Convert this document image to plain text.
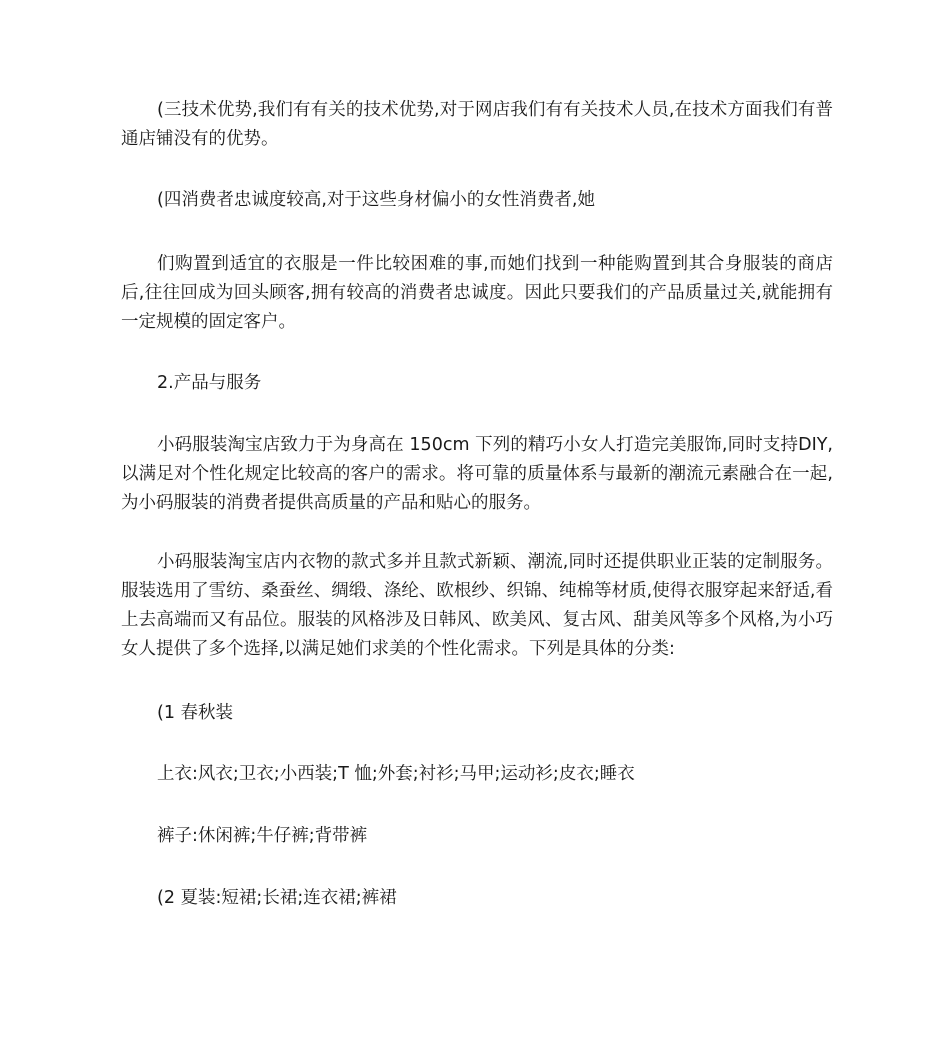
(三技术优势,我们有有关的技术优势,对于网店我们有有关技术人员,在技术方面我们有普通店铺没有的优势。

(四消费者忠诚度较高,对于这些身材偏小的女性消费者,她

们购置到适宜的衣服是一件比较困难的事,而她们找到一种能购置到其合身服装的商店后,往往回成为回头顾客,拥有较高的消费者忠诚度。因此只要我们的产品质量过关,就能拥有一定规模的固定客户。

2.产品与服务

小码服装淘宝店致力于为身高在 150cm 下列的精巧小女人打造完美服饰,同时支持DIY,以满足对个性化规定比较高的客户的需求。将可靠的质量体系与最新的潮流元素融合在一起,为小码服装的消费者提供高质量的产品和贴心的服务。

小码服装淘宝店内衣物的款式多并且款式新颖、潮流,同时还提供职业正装的定制服务。服装选用了雪纺、桑蚕丝、绸缎、涤纶、欧根纱、织锦、纯棉等材质,使得衣服穿起来舒适,看上去高端而又有品位。服装的风格涉及日韩风、欧美风、复古风、甜美风等多个风格,为小巧女人提供了多个选择,以满足她们求美的个性化需求。下列是具体的分类:

(1 春秋装

上衣:风衣;卫衣;小西装;T 恤;外套;衬衫;马甲;运动衫;皮衣;睡衣

裤子:休闲裤;牛仔裤;背带裤

(2 夏装:短裙;长裙;连衣裙;裤裙
